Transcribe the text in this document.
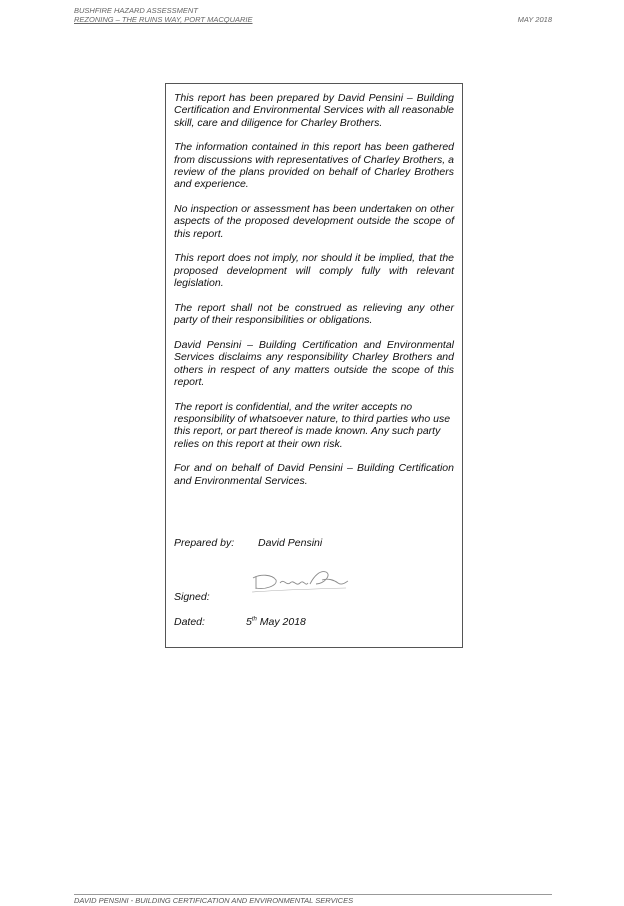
BUSHFIRE HAZARD ASSESSMENT
REZONING – THE RUINS WAY, PORT MACQUARIE	MAY 2018

This report has been prepared by David Pensini – Building Certification and Environmental Services with all reasonable skill, care and diligence for Charley Brothers.

The information contained in this report has been gathered from discussions with representatives of Charley Brothers, a review of the plans provided on behalf of Charley Brothers and experience.

No inspection or assessment has been undertaken on other aspects of the proposed development outside the scope of this report.

This report does not imply, nor should it be implied, that the proposed development will comply fully with relevant legislation.

The report shall not be construed as relieving any other party of their responsibilities or obligations.

David Pensini – Building Certification and Environmental Services disclaims any responsibility Charley Brothers and others in respect of any matters outside the scope of this report.

The report is confidential, and the writer accepts no responsibility of whatsoever nature, to third parties who use this report, or part thereof is made known. Any such party relies on this report at their own risk.

For and on behalf of David Pensini – Building Certification and Environmental Services.

Prepared by: David Pensini
Signed:
Dated:	5th May 2018
DAVID PENSINI - BUILDING CERTIFICATION AND ENVIRONMENTAL SERVICES
